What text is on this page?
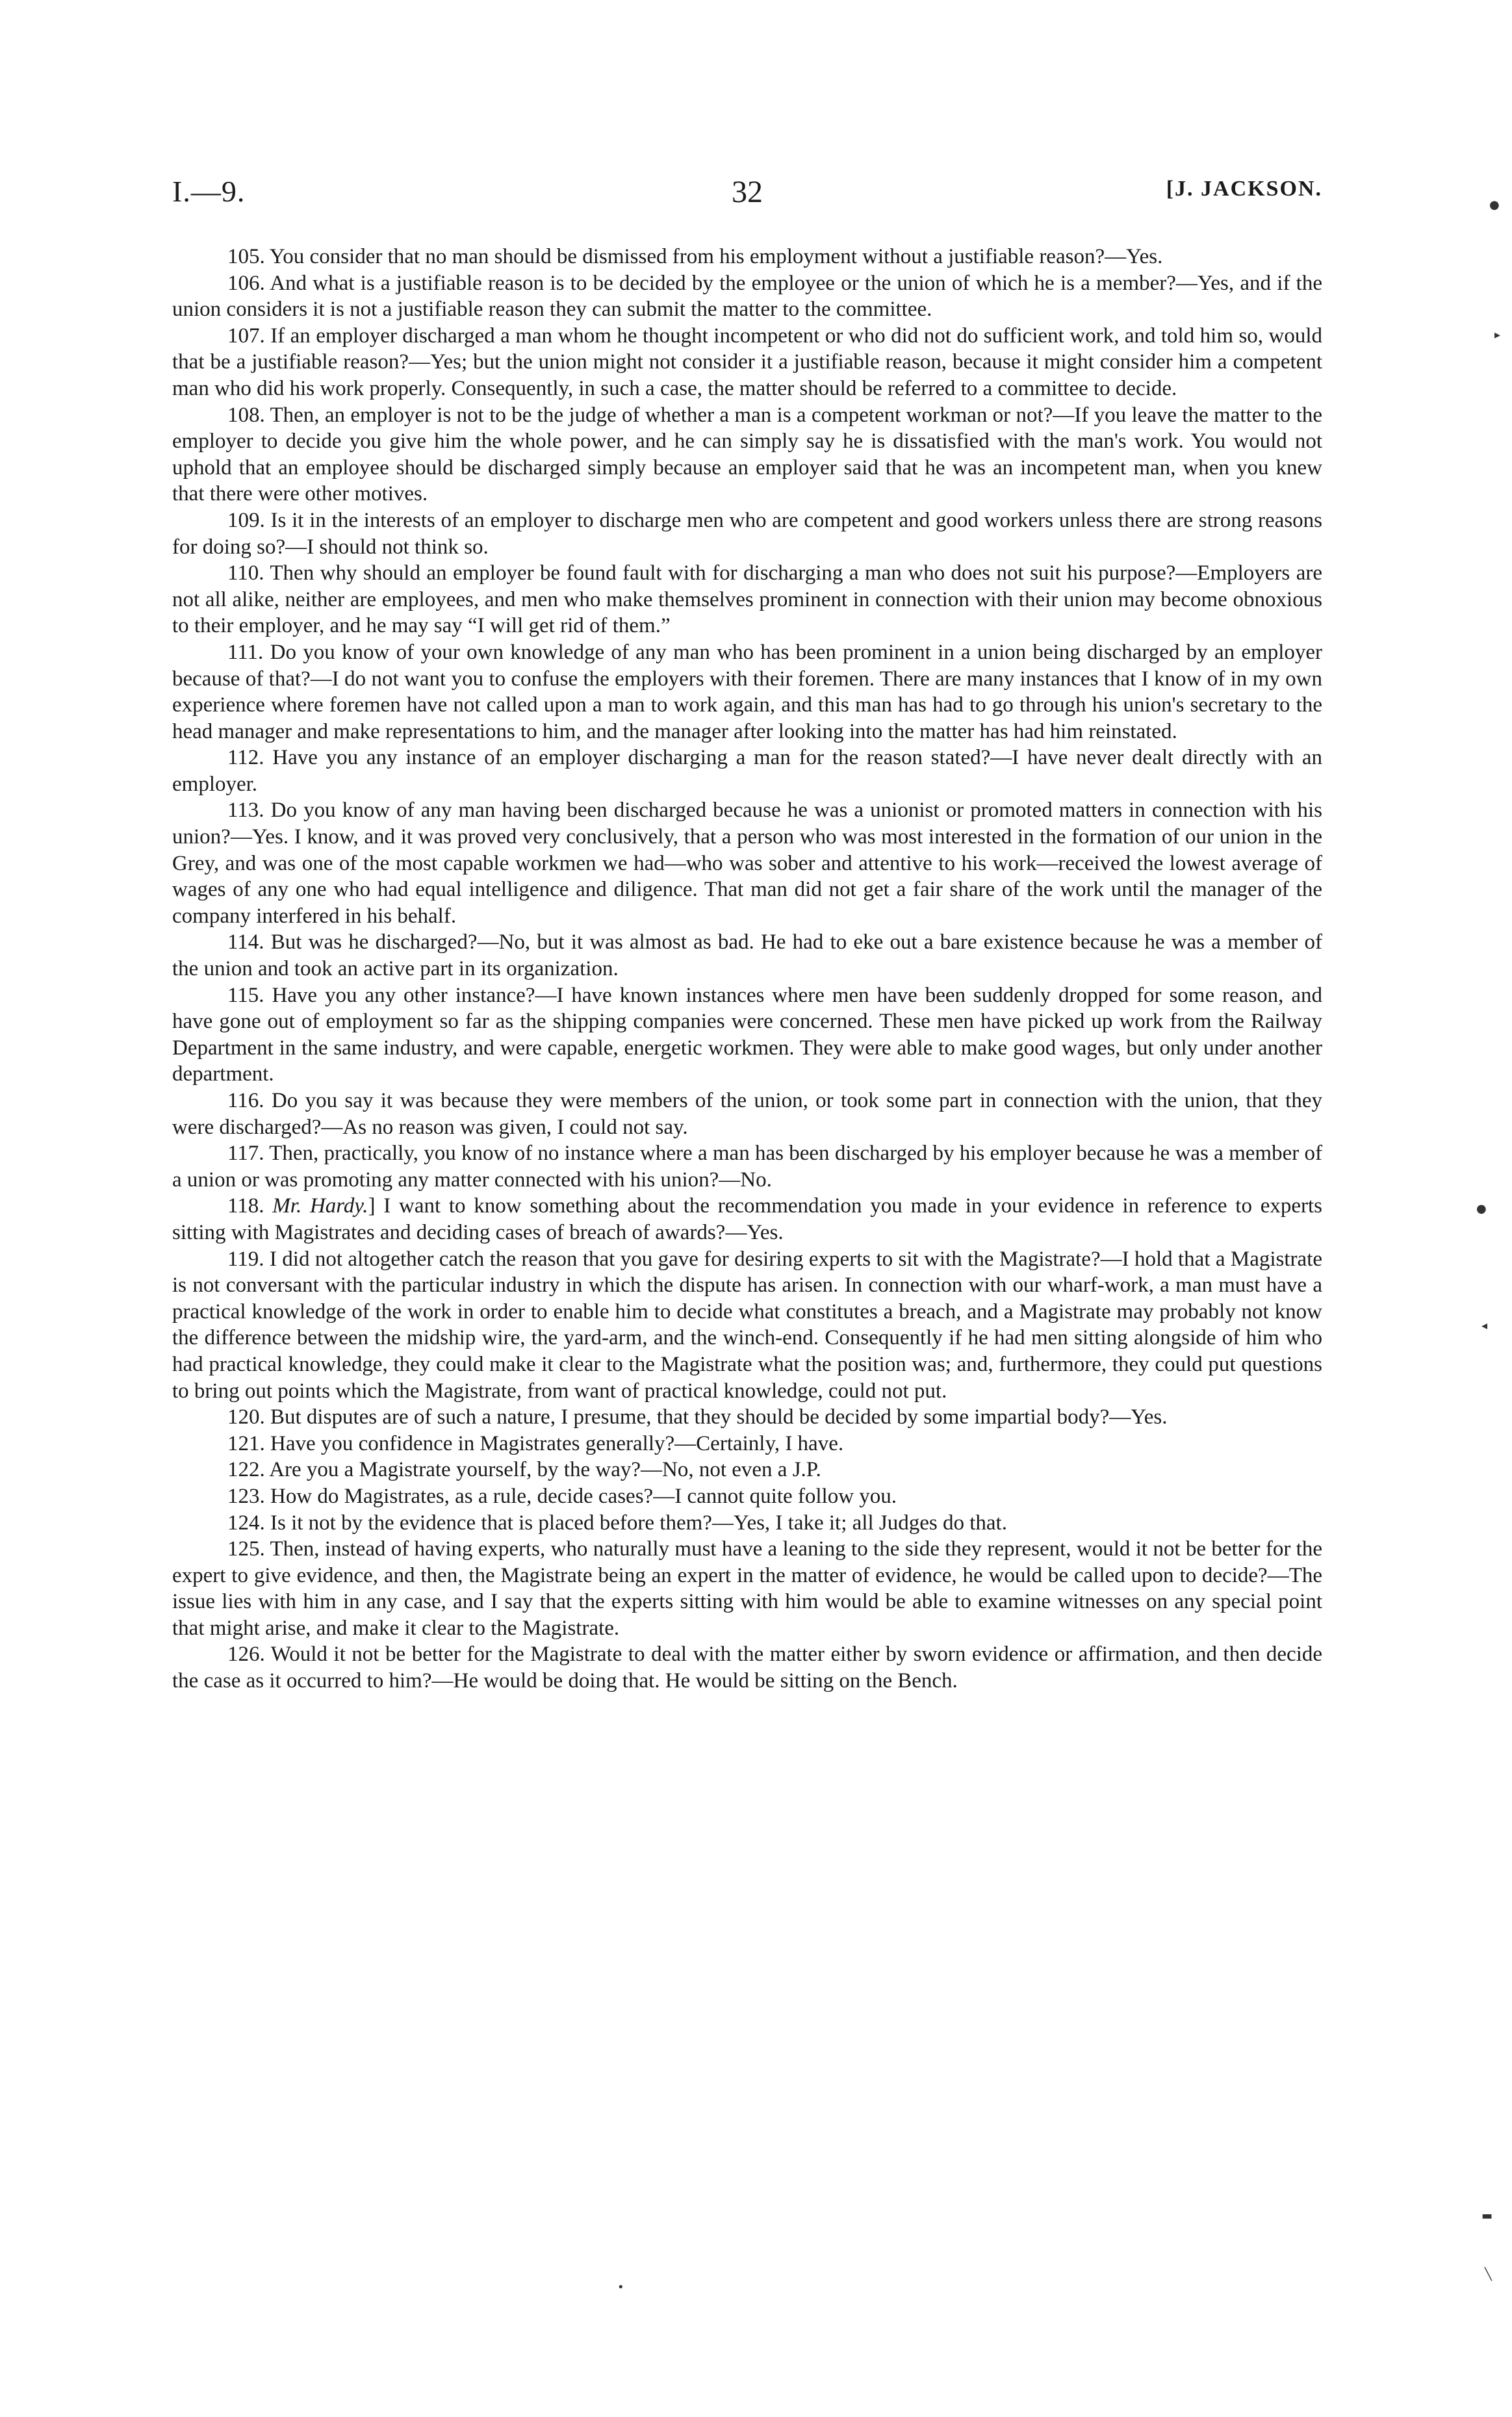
I.—9.	32	[J. JACKSON.

105. You consider that no man should be dismissed from his employment without a justifiable reason?—Yes.

106. And what is a justifiable reason is to be decided by the employee or the union of which he is a member?—Yes, and if the union considers it is not a justifiable reason they can submit the matter to the committee.

107. If an employer discharged a man whom he thought incompetent or who did not do sufficient work, and told him so, would that be a justifiable reason?—Yes; but the union might not consider it a justifiable reason, because it might consider him a competent man who did his work properly. Consequently, in such a case, the matter should be referred to a committee to decide.

108. Then, an employer is not to be the judge of whether a man is a competent workman or not?—If you leave the matter to the employer to decide you give him the whole power, and he can simply say he is dissatisfied with the man's work. You would not uphold that an employee should be discharged simply because an employer said that he was an incompetent man, when you knew that there were other motives.

109. Is it in the interests of an employer to discharge men who are competent and good workers unless there are strong reasons for doing so?—I should not think so.

110. Then why should an employer be found fault with for discharging a man who does not suit his purpose?—Employers are not all alike, neither are employees, and men who make themselves prominent in connection with their union may become obnoxious to their employer, and he may say “I will get rid of them.”

111. Do you know of your own knowledge of any man who has been prominent in a union being discharged by an employer because of that?—I do not want you to confuse the employers with their foremen. There are many instances that I know of in my own experience where foremen have not called upon a man to work again, and this man has had to go through his union's secretary to the head manager and make representations to him, and the manager after looking into the matter has had him reinstated.

112. Have you any instance of an employer discharging a man for the reason stated?—I have never dealt directly with an employer.

113. Do you know of any man having been discharged because he was a unionist or promoted matters in connection with his union?—Yes. I know, and it was proved very conclusively, that a person who was most interested in the formation of our union in the Grey, and was one of the most capable workmen we had—who was sober and attentive to his work—received the lowest average of wages of any one who had equal intelligence and diligence. That man did not get a fair share of the work until the manager of the company interfered in his behalf.

114. But was he discharged?—No, but it was almost as bad. He had to eke out a bare existence because he was a member of the union and took an active part in its organization.

115. Have you any other instance?—I have known instances where men have been suddenly dropped for some reason, and have gone out of employment so far as the shipping companies were concerned. These men have picked up work from the Railway Department in the same industry, and were capable, energetic workmen. They were able to make good wages, but only under another department.

116. Do you say it was because they were members of the union, or took some part in connection with the union, that they were discharged?—As no reason was given, I could not say.

117. Then, practically, you know of no instance where a man has been discharged by his employer because he was a member of a union or was promoting any matter connected with his union?—No.

118. Mr. Hardy.] I want to know something about the recommendation you made in your evidence in reference to experts sitting with Magistrates and deciding cases of breach of awards?—Yes.

119. I did not altogether catch the reason that you gave for desiring experts to sit with the Magistrate?—I hold that a Magistrate is not conversant with the particular industry in which the dispute has arisen. In connection with our wharf-work, a man must have a practical knowledge of the work in order to enable him to decide what constitutes a breach, and a Magistrate may probably not know the difference between the midship wire, the yard-arm, and the winch-end. Consequently if he had men sitting alongside of him who had practical knowledge, they could make it clear to the Magistrate what the position was; and, furthermore, they could put questions to bring out points which the Magistrate, from want of practical knowledge, could not put.

120. But disputes are of such a nature, I presume, that they should be decided by some impartial body?—Yes.

121. Have you confidence in Magistrates generally?—Certainly, I have.

122. Are you a Magistrate yourself, by the way?—No, not even a J.P.

123. How do Magistrates, as a rule, decide cases?—I cannot quite follow you.

124. Is it not by the evidence that is placed before them?—Yes, I take it; all Judges do that.

125. Then, instead of having experts, who naturally must have a leaning to the side they represent, would it not be better for the expert to give evidence, and then, the Magistrate being an expert in the matter of evidence, he would be called upon to decide?—The issue lies with him in any case, and I say that the experts sitting with him would be able to examine witnesses on any special point that might arise, and make it clear to the Magistrate.

126. Would it not be better for the Magistrate to deal with the matter either by sworn evidence or affirmation, and then decide the case as it occurred to him?—He would be doing that. He would be sitting on the Bench.

●
▸
●
◂
▬
╲
•
